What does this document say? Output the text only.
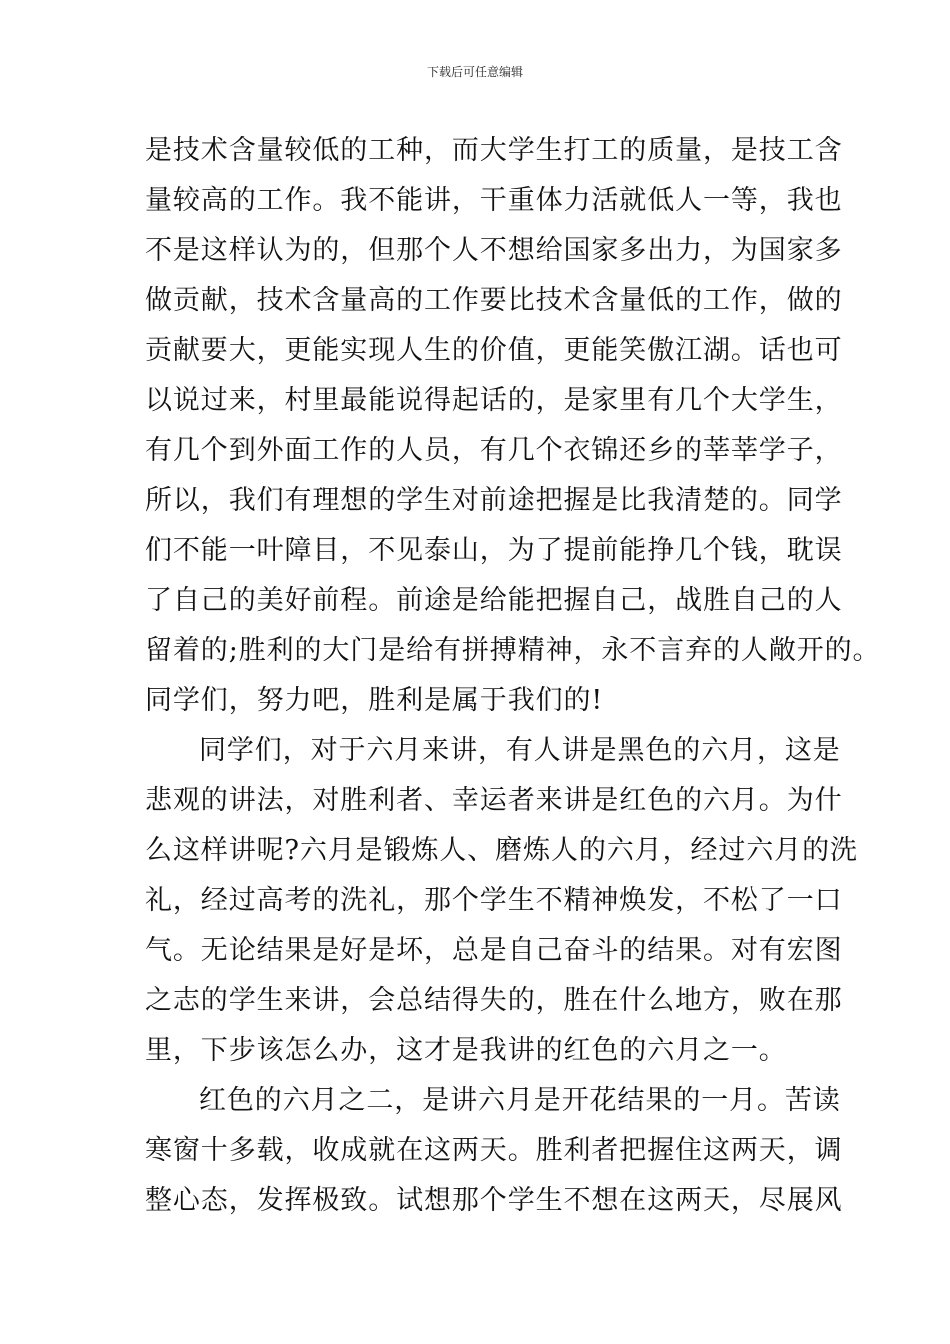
下载后可任意编辑
是技术含量较低的工种，而大学生打工的质量，是技工含
量较高的工作。我不能讲，干重体力活就低人一等，我也
不是这样认为的，但那个人不想给国家多出力，为国家多
做贡献，技术含量高的工作要比技术含量低的工作，做的
贡献要大，更能实现人生的价值，更能笑傲江湖。话也可
以说过来，村里最能说得起话的，是家里有几个大学生，
有几个到外面工作的人员，有几个衣锦还乡的莘莘学子，
所以，我们有理想的学生对前途把握是比我清楚的。同学
们不能一叶障目，不见泰山，为了提前能挣几个钱，耽误
了自己的美好前程。前途是给能把握自己，战胜自己的人
留着的;胜利的大门是给有拼搏精神，永不言弃的人敞开的。
同学们，努力吧，胜利是属于我们的!
同学们，对于六月来讲，有人讲是黑色的六月，这是
悲观的讲法，对胜利者、幸运者来讲是红色的六月。为什
么这样讲呢?六月是锻炼人、磨炼人的六月，经过六月的洗
礼，经过高考的洗礼，那个学生不精神焕发，不松了一口
气。无论结果是好是坏，总是自己奋斗的结果。对有宏图
之志的学生来讲，会总结得失的，胜在什么地方，败在那
里，下步该怎么办，这才是我讲的红色的六月之一。
红色的六月之二，是讲六月是开花结果的一月。苦读
寒窗十多载，收成就在这两天。胜利者把握住这两天，调
整心态，发挥极致。试想那个学生不想在这两天，尽展风
